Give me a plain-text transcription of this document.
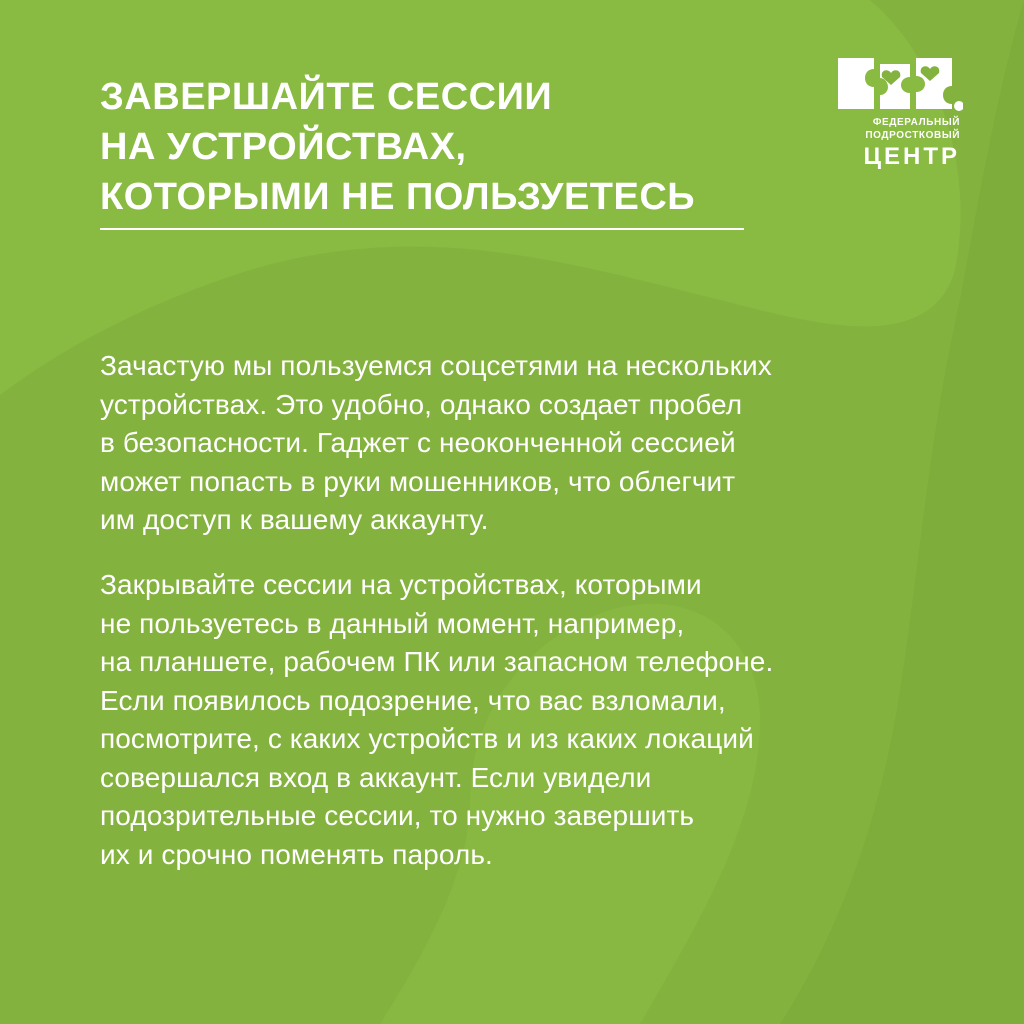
ФЕДЕРАЛЬНЫЙ
ПОДРОСТКОВЫЙ
ЦЕНТР
ЗАВЕРШАЙТЕ СЕССИИ
НА УСТРОЙСТВАХ,
КОТОРЫМИ НЕ ПОЛЬЗУЕТЕСЬ
Зачастую мы пользуемся соцсетями на нескольких
устройствах. Это удобно, однако создает пробел
в безопасности. Гаджет с неоконченной сессией
может попасть в руки мошенников, что облегчит
им доступ к вашему аккаунту.
Закрывайте сессии на устройствах, которыми
не пользуетесь в данный момент, например,
на планшете, рабочем ПК или запасном телефоне.
Если появилось подозрение, что вас взломали,
посмотрите, с каких устройств и из каких локаций
совершался вход в аккаунт. Если увидели
подозрительные сессии, то нужно завершить
их и срочно поменять пароль.
